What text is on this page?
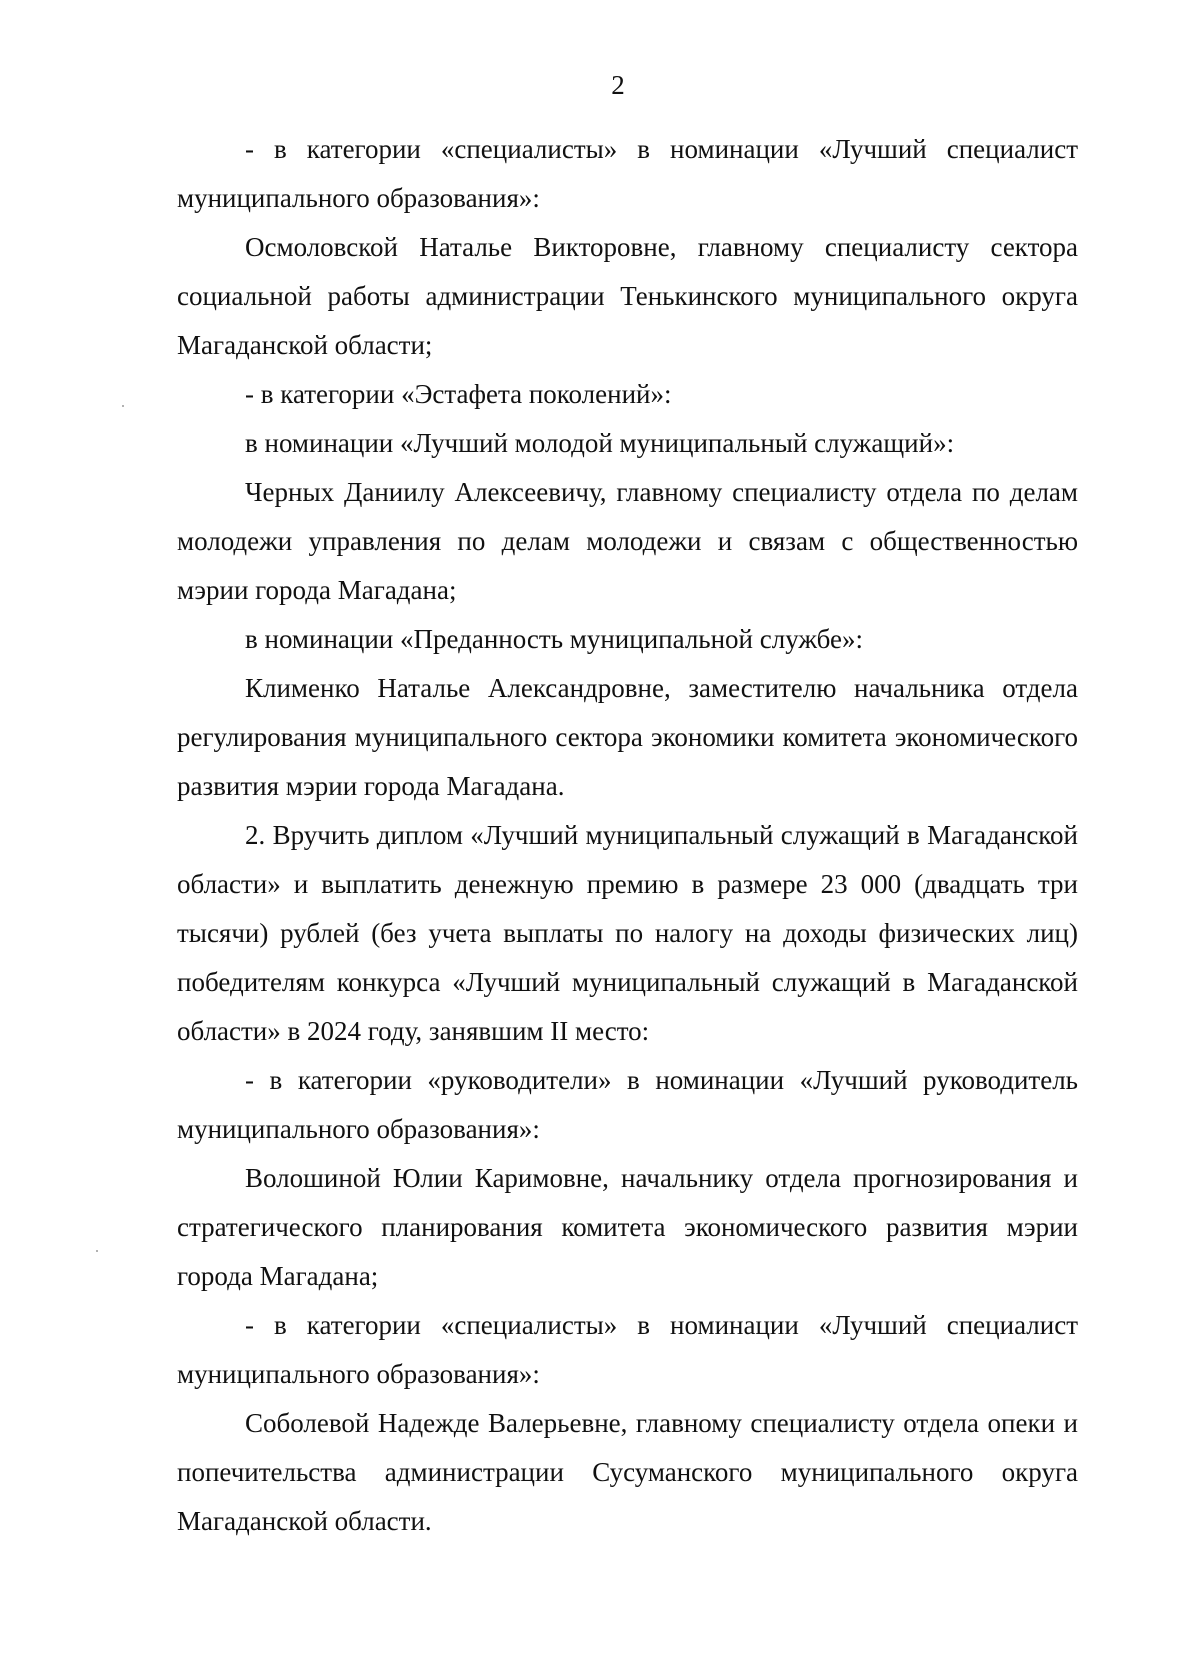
2

- в категории «специалисты» в номинации «Лучший специалист муниципального образования»:

Осмоловской Наталье Викторовне, главному специалисту сектора социальной работы администрации Тенькинского муниципального округа Магаданской области;

- в категории «Эстафета поколений»:

в номинации «Лучший молодой муниципальный служащий»:

Черных Даниилу Алексеевичу, главному специалисту отдела по делам молодежи управления по делам молодежи и связам с общественностью мэрии города Магадана;

в номинации «Преданность муниципальной службе»:

Клименко Наталье Александровне, заместителю начальника отдела регулирования муниципального сектора экономики комитета экономического развития мэрии города Магадана.

2. Вручить диплом «Лучший муниципальный служащий в Магаданской области» и выплатить денежную премию в размере 23 000 (двадцать три тысячи) рублей (без учета выплаты по налогу на доходы физических лиц) победителям конкурса «Лучший муниципальный служащий в Магаданской области» в 2024 году, занявшим II место:

- в категории «руководители» в номинации «Лучший руководитель муниципального образования»:

Волошиной Юлии Каримовне, начальнику отдела прогнозирования и стратегического планирования комитета экономического развития мэрии города Магадана;

- в категории «специалисты» в номинации «Лучший специалист муниципального образования»:

Соболевой Надежде Валерьевне, главному специалисту отдела опеки и попечительства администрации Сусуманского муниципального округа Магаданской области.
